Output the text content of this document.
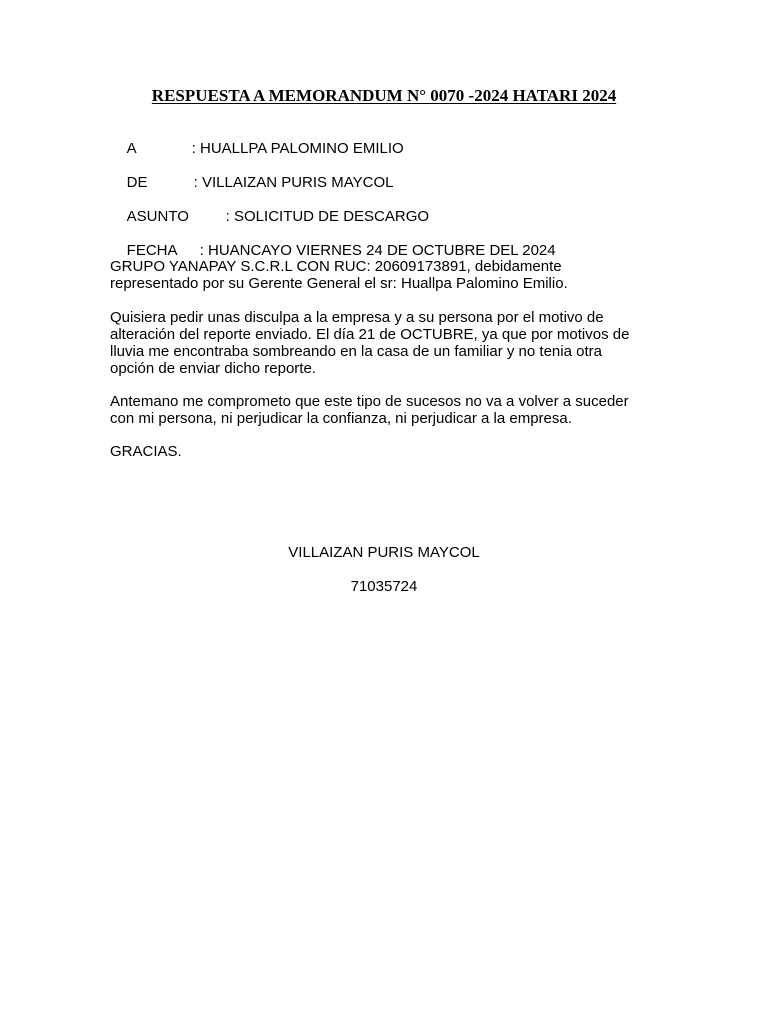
RESPUESTA A MEMORANDUM N° 0070 -2024 HATARI 2024

A	: HUALLPA PALOMINO EMILIO

DE	: VILLAIZAN PURIS MAYCOL

ASUNTO : SOLICITUD DE DESCARGO

FECHA : HUANCAYO VIERNES 24 DE OCTUBRE DEL 2024

GRUPO YANAPAY S.C.R.L CON RUC: 20609173891, debidamente
representado por su Gerente General el sr: Huallpa Palomino Emilio.
Quisiera pedir unas disculpa a la empresa y a su persona por el motivo de
alteración del reporte enviado. El día 21 de OCTUBRE, ya que por motivos de
lluvia me encontraba sombreando en la casa de un familiar y no tenia otra
opción de enviar dicho reporte.
Antemano me comprometo que este tipo de sucesos no va a volver a suceder
con mi persona, ni perjudicar la confianza, ni perjudicar a la empresa.
GRACIAS.
VILLAIZAN PURIS MAYCOL
71035724
